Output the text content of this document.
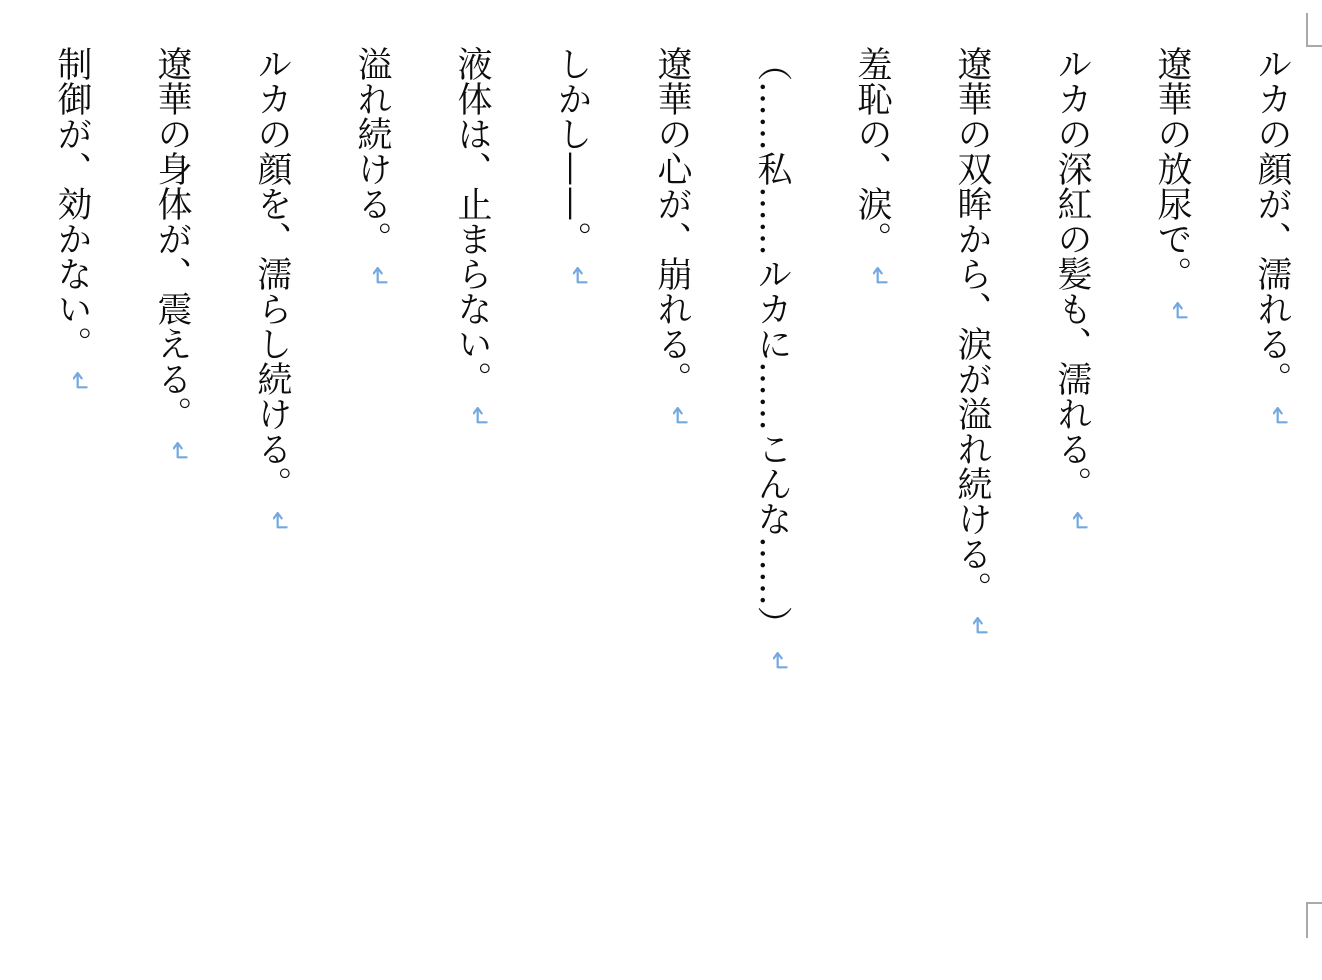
ルカの顔が、濡れる。

遼華の放尿で。

ルカの深紅の髪も、濡れる。

遼華の双眸から、涙が溢れ続ける。

羞恥の、涙。

（……私……ルカに……こんな……）

遼華の心が、崩れる。

しかし——。

液体は、止まらない。

溢れ続ける。

ルカの顔を、濡らし続ける。

遼華の身体が、震える。

制御が、効かない。
